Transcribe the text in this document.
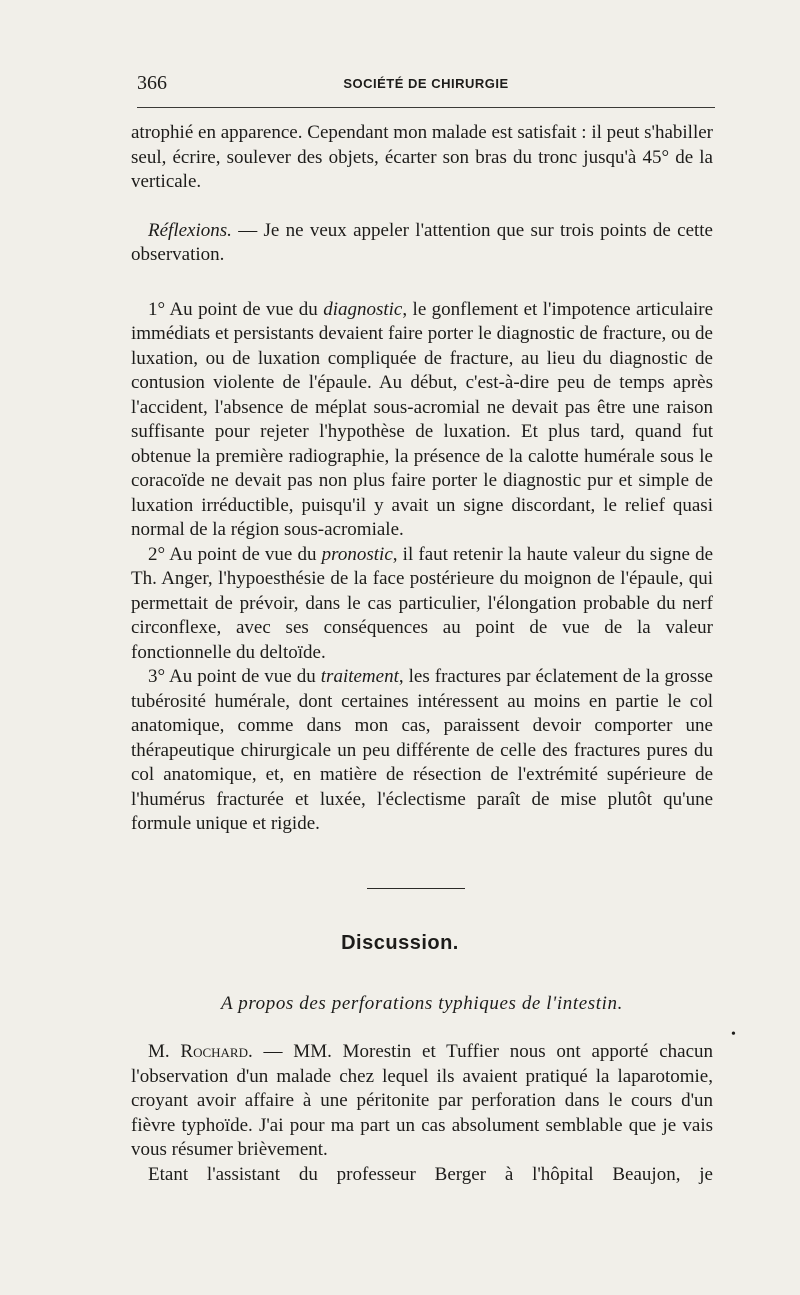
366	SOCIÉTÉ DE CHIRURGIE

atrophié en apparence. Cependant mon malade est satisfait : il peut s'habiller seul, écrire, soulever des objets, écarter son bras du tronc jusqu'à 45° de la verticale.

Réflexions. — Je ne veux appeler l'attention que sur trois points de cette observation.

1° Au point de vue du diagnostic, le gonflement et l'impotence articulaire immédiats et persistants devaient faire porter le diagnostic de fracture, ou de luxation, ou de luxation compliquée de fracture, au lieu du diagnostic de contusion violente de l'épaule. Au début, c'est-à-dire peu de temps après l'accident, l'absence de méplat sous-acromial ne devait pas être une raison suffisante pour rejeter l'hypothèse de luxation. Et plus tard, quand fut obtenue la première radiographie, la présence de la calotte humérale sous le coracoïde ne devait pas non plus faire porter le diagnostic pur et simple de luxation irréductible, puisqu'il y avait un signe discordant, le relief quasi normal de la région sous-acromiale.

2° Au point de vue du pronostic, il faut retenir la haute valeur du signe de Th. Anger, l'hypoesthésie de la face postérieure du moignon de l'épaule, qui permettait de prévoir, dans le cas particulier, l'élongation probable du nerf circonflexe, avec ses conséquences au point de vue de la valeur fonctionnelle du deltoïde.

3° Au point de vue du traitement, les fractures par éclatement de la grosse tubérosité humérale, dont certaines intéressent au moins en partie le col anatomique, comme dans mon cas, paraissent devoir comporter une thérapeutique chirurgicale un peu différente de celle des fractures pures du col anatomique, et, en matière de résection de l'extrémité supérieure de l'humérus fracturée et luxée, l'éclectisme paraît de mise plutôt qu'une formule unique et rigide.

Discussion.
A propos des perforations typhiques de l'intestin.
•

M. Rochard. — MM. Morestin et Tuffier nous ont apporté chacun l'observation d'un malade chez lequel ils avaient pratiqué la laparotomie, croyant avoir affaire à une péritonite par perforation dans le cours d'un fièvre typhoïde. J'ai pour ma part un cas absolument semblable que je vais vous résumer brièvement.

Etant l'assistant du professeur Berger à l'hôpital Beaujon, je
